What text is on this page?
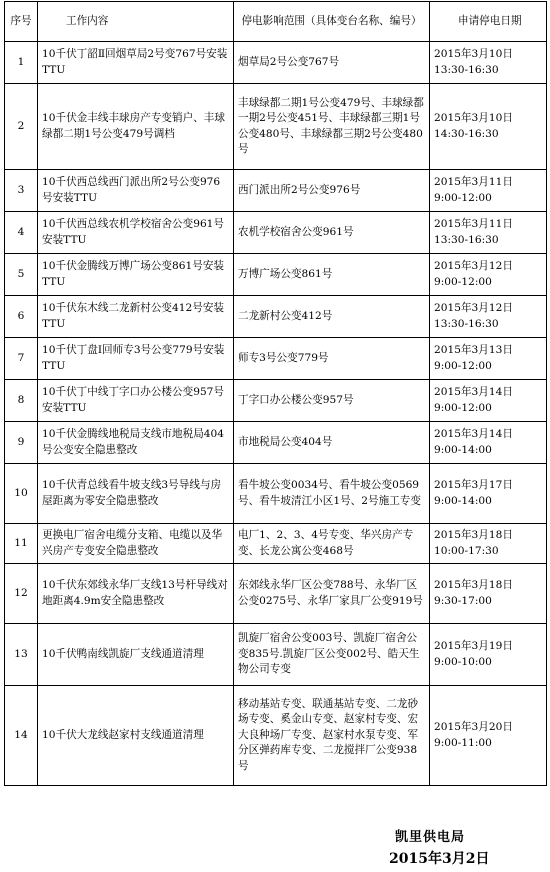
序号	工作内容	停电影响范围（具体变台名称、编号）	申请停电日期
1	10千伏丁韶Ⅱ回烟草局2号变767号安装TTU	烟草局2号公变767号	2015年3月10日
13:30-16:30

2	10千伏金丰线丰球房产专变销户、丰球绿都二期1号公变479号调档	丰球绿都二期1号公变479号、丰球绿都一期2号公变451号、丰球绿都三期1号公变480号、丰球绿都三期2号公变480号	2015年3月10日
14:30-16:30

3	10千伏西总线西门派出所2号公变976号安装TTU	西门派出所2号公变976号	2015年3月11日
9:00-12:00

4	10千伏西总线农机学校宿舍公变961号安装TTU	农机学校宿舍公变961号	2015年3月11日
13:30-16:30

5	10千伏金腾线万博广场公变861号安装TTU	万博广场公变861号	2015年3月12日
9:00-12:00

6	10千伏东木线二龙新村公变412号安装TTU	二龙新村公变412号	2015年3月12日
13:30-16:30

7	10千伏丁盘Ⅰ回师专3号公变779号安装TTU	师专3号公变779号	2015年3月13日
9:00-12:00

8	10千伏丁中线丁字口办公楼公变957号安装TTU	丁字口办公楼公变957号	2015年3月14日
9:00-12:00

9	10千伏金腾线地税局支线市地税局404号公变安全隐患整改	市地税局公变404号	2015年3月14日
9:00-14:00

10	10千伏青总线看牛坡支线3号导线与房屋距离为零安全隐患整改	看牛坡公变0034号、看牛坡公变0569号、看牛坡清江小区1号、2号施工专变	2015年3月17日
9:00-14:00

11	更换电厂宿舍电缆分支箱、电缆以及华兴房产专变安全隐患整改	电厂1、2、3、4号专变、华兴房产专变、长龙公寓公变468号	2015年3月18日
10:00-17:30

12	10千伏东郊线永华厂支线13号杆导线对地距离4.9m安全隐患整改	东郊线永华厂区公变788号、永华厂区公变0275号、永华厂家具厂公变919号	2015年3月18日
9:30-17:00

13	10千伏鸭南线凯旋厂支线通道清理	凯旋厂宿舍公变003号、凯旋厂宿舍公变835号.凯旋厂区公变002号、皓天生物公司专变	2015年3月19日
9:00-10:00

14	10千伏大龙线赵家村支线通道清理	移动基站专变、联通基站专变、二龙砂场专变、奚金山专变、赵家村专变、宏大良种场厂专变、赵家村水泵专变、军分区弹药库专变、二龙搅拌厂公变938号	2015年3月20日
9:00-11:00
凯里供电局
2015年3月2日
